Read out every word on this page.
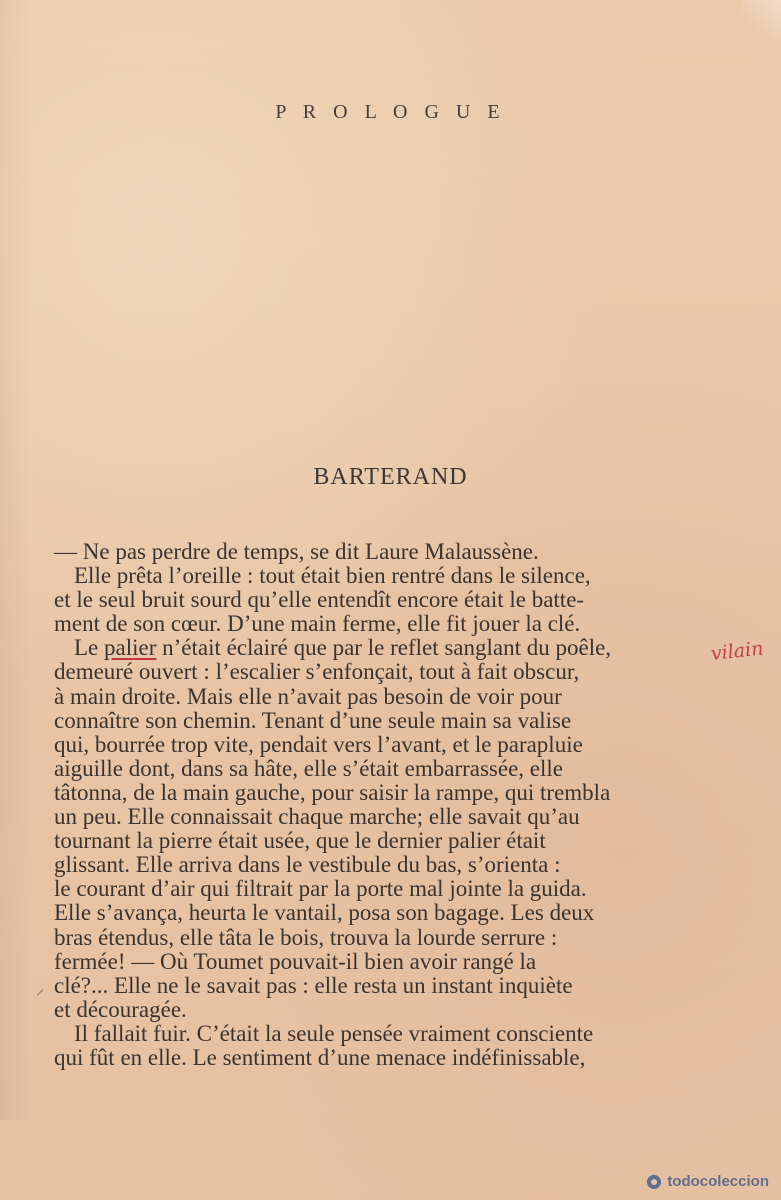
P R O L O G U E
BARTERAND
— Ne pas perdre de temps, se dit Laure Malaussène.
Elle prêta l’oreille : tout était bien rentré dans le silence,
et le seul bruit sourd qu’elle entendît encore était le batte-
ment de son cœur. D’une main ferme, elle fit jouer la clé.
Le palier n’était éclairé que par le reflet sanglant du poêle,
demeuré ouvert : l’escalier s’enfonçait, tout à fait obscur,
à main droite. Mais elle n’avait pas besoin de voir pour
connaître son chemin. Tenant d’une seule main sa valise
qui, bourrée trop vite, pendait vers l’avant, et le parapluie
aiguille dont, dans sa hâte, elle s’était embarrassée, elle
tâtonna, de la main gauche, pour saisir la rampe, qui trembla
un peu. Elle connaissait chaque marche; elle savait qu’au
tournant la pierre était usée, que le dernier palier était
glissant. Elle arriva dans le vestibule du bas, s’orienta :
le courant d’air qui filtrait par la porte mal jointe la guida.
Elle s’avança, heurta le vantail, posa son bagage. Les deux
bras étendus, elle tâta le bois, trouva la lourde serrure :
fermée! — Où Toumet pouvait-il bien avoir rangé la
clé?... Elle ne le savait pas : elle resta un instant inquiète
et découragée.
Il fallait fuir. C’était la seule pensée vraiment consciente
qui fût en elle. Le sentiment d’une menace indéfinissable,
vilain
todocoleccion
